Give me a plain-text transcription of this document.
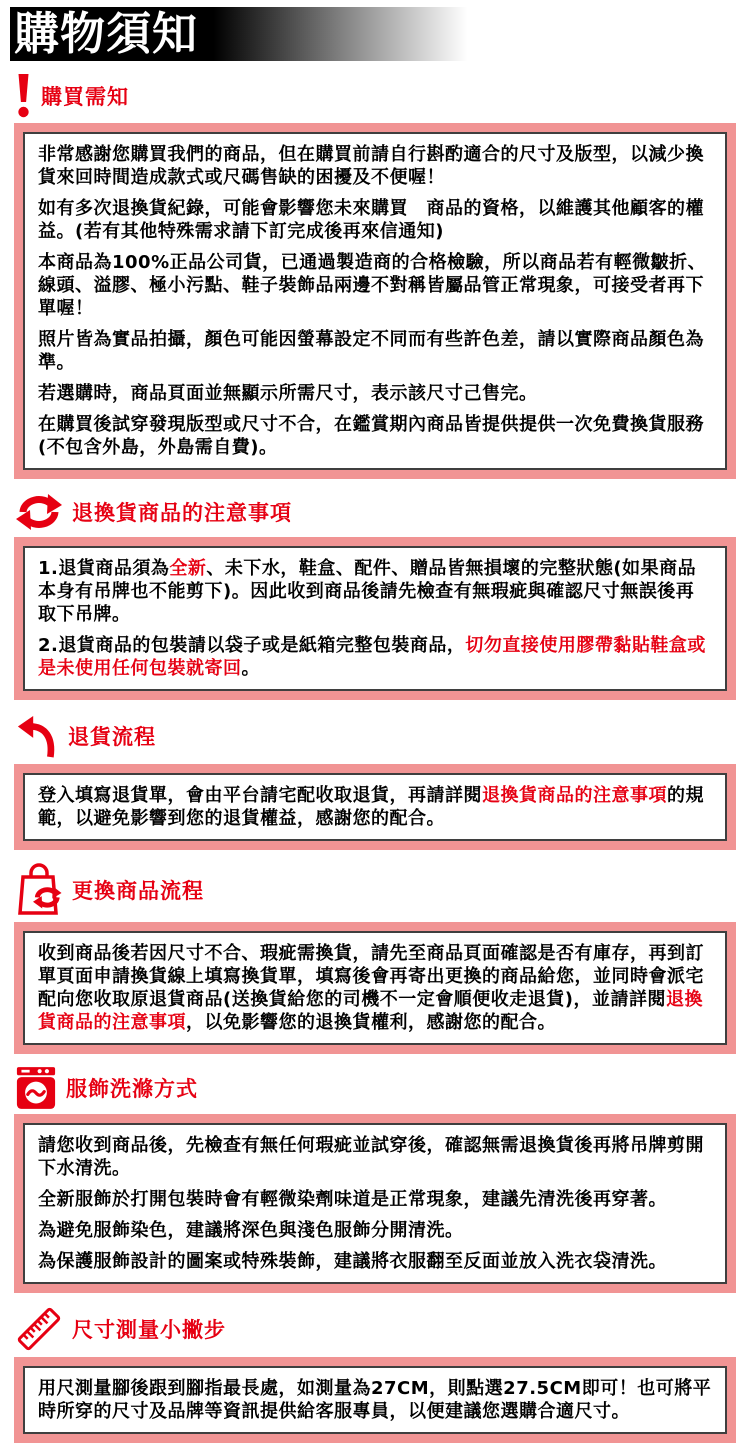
購物須知
購買需知

非常感謝您購買我們的商品，但在購買前請自行斟酌適合的尺寸及版型，以減少換貨來回時間造成款式或尺碼售缺的困擾及不便喔！

如有多次退換貨紀錄，可能會影響您未來購買　商品的資格，以維護其他顧客的權益。(若有其他特殊需求請下訂完成後再來信通知)

本商品為100%正品公司貨，已通過製造商的合格檢驗，所以商品若有輕微皺折、線頭、溢膠、極小污點、鞋子裝飾品兩邊不對稱皆屬品管正常現象，可接受者再下單喔！

照片皆為實品拍攝，顏色可能因螢幕設定不同而有些許色差，請以實際商品顏色為準。

若選購時，商品頁面並無顯示所需尺寸，表示該尺寸己售完。

在購買後試穿發現版型或尺寸不合，在鑑賞期內商品皆提供提供一次免費換貨服務(不包含外島，外島需自費)。

退換貨商品的注意事項

1.退貨商品須為全新、未下水，鞋盒、配件、贈品皆無損壞的完整狀態(如果商品本身有吊牌也不能剪下)。因此收到商品後請先檢查有無瑕疵與確認尺寸無誤後再取下吊牌。

2.退貨商品的包裝請以袋子或是紙箱完整包裝商品，切勿直接使用膠帶黏貼鞋盒或是未使用任何包裝就寄回。

退貨流程

登入填寫退貨單，會由平台請宅配收取退貨，再請詳閱退換貨商品的注意事項的規範，以避免影響到您的退貨權益，感謝您的配合。

更換商品流程

收到商品後若因尺寸不合、瑕疵需換貨，請先至商品頁面確認是否有庫存，再到訂單頁面申請換貨線上填寫換貨單，填寫後會再寄出更換的商品給您，並同時會派宅配向您收取原退貨商品(送換貨給您的司機不一定會順便收走退貨)，並請詳閱退換貨商品的注意事項，以免影響您的退換貨權利，感謝您的配合。

服飾洗滌方式

請您收到商品後，先檢查有無任何瑕疵並試穿後，確認無需退換貨後再將吊牌剪開下水清洗。

全新服飾於打開包裝時會有輕微染劑味道是正常現象，建議先清洗後再穿著。

為避免服飾染色，建議將深色與淺色服飾分開清洗。

為保護服飾設計的圖案或特殊裝飾，建議將衣服翻至反面並放入洗衣袋清洗。

尺寸測量小撇步

用尺測量腳後跟到腳指最長處，如測量為27CM，則點選27.5CM即可！也可將平時所穿的尺寸及品牌等資訊提供給客服專員，以便建議您選購合適尺寸。
